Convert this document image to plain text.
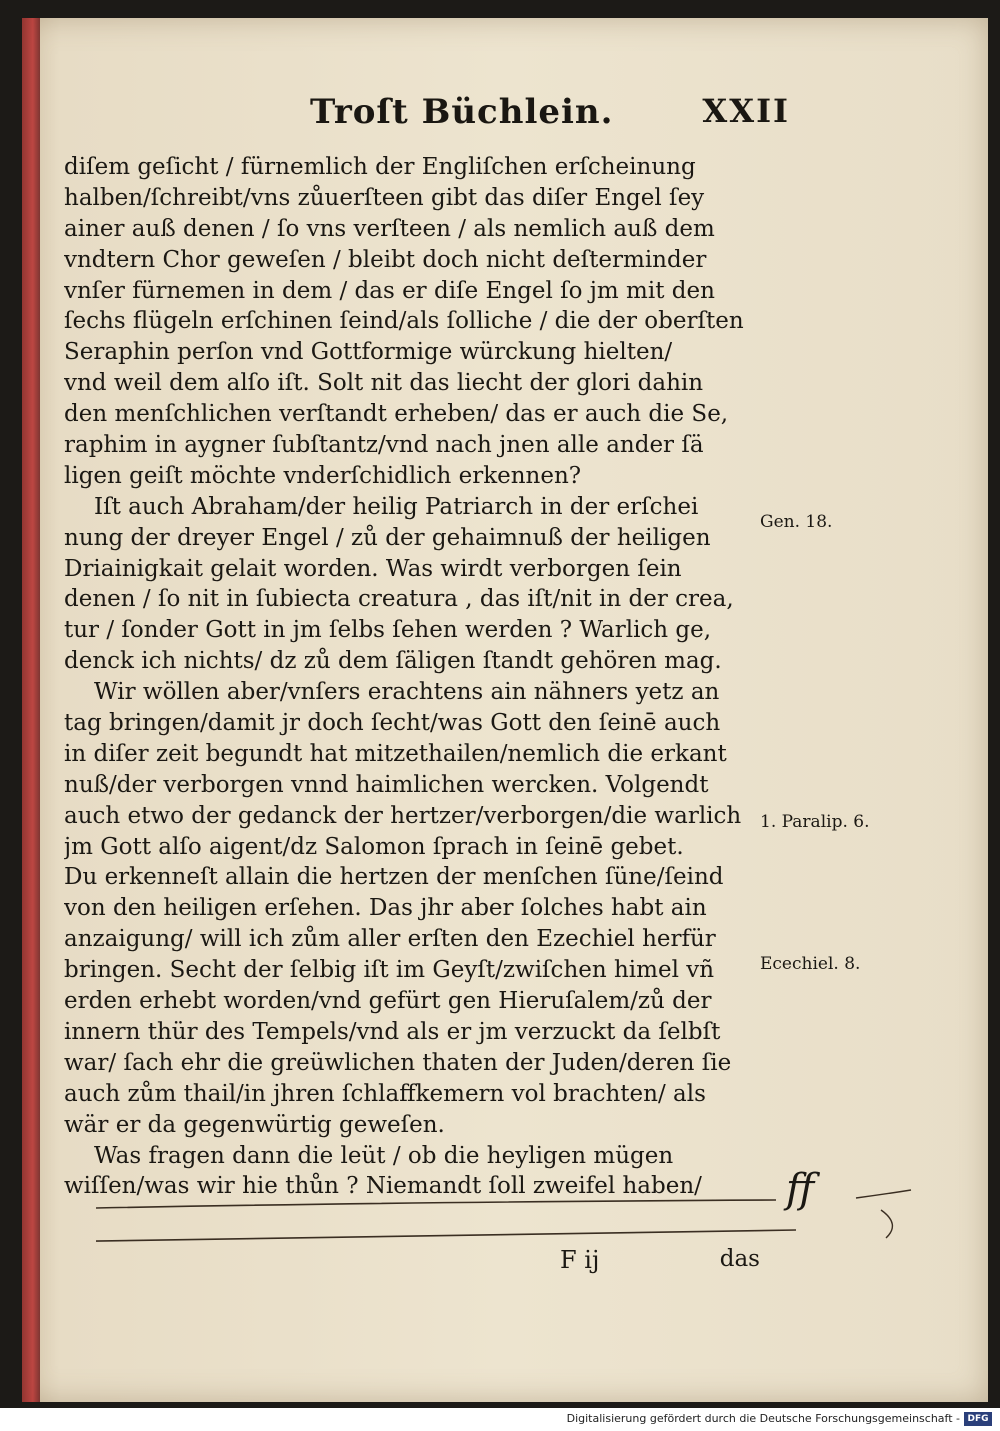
Troſt Büchlein.	XXII
diſem geſicht / fürnemlich der Engliſchen erſcheinung
halben/ſchreibt/vns zůuerſteen gibt das diſer Engel ſey
ainer auß denen / ſo vns verſteen / als nemlich auß dem
vndtern Chor geweſen / bleibt doch nicht deſterminder
vnſer fürnemen in dem / das er diſe Engel ſo jm mit den
ſechs flügeln erſchinen ſeind/als ſolliche / die der oberſten
Seraphin perſon vnd Gottformige würckung hielten/
vnd weil dem alſo iſt. Solt nit das liecht der glori dahin
den menſchlichen verſtandt erheben/ das er auch die Se,
raphim in aygner ſubſtantz/vnd nach jnen alle ander ſä
ligen geiſt möchte vnderſchidlich erkennen?
Iſt auch Abraham/der heilig Patriarch in der erſchei
nung der dreyer Engel / zů der gehaimnuß der heiligen
Driainigkait gelait worden. Was wirdt verborgen ſein
denen / ſo nit in ſubiecta creatura , das iſt/nit in der crea,
tur / ſonder Gott in jm ſelbs ſehen werden ? Warlich ge,
denck ich nichts/ dz zů dem ſäligen ſtandt gehören mag.
Wir wöllen aber/vnſers erachtens ain nähners yetz an
tag bringen/damit jr doch ſecht/was Gott den ſeinē auch
in diſer zeit begundt hat mitzethailen/nemlich die erkant
nuß/der verborgen vnnd haimlichen wercken. Volgendt
auch etwo der gedanck der hertzer/verborgen/die warlich
jm Gott alſo aigent/dz Salomon ſprach in ſeinē gebet.
Du erkenneſt allain die hertzen der menſchen ſüne/ſeind
von den heiligen erſehen. Das jhr aber ſolches habt ain
anzaigung/ will ich zům aller erſten den Ezechiel herfür
bringen. Secht der ſelbig iſt im Geyſt/zwiſchen himel vñ
erden erhebt worden/vnd gefürt gen Hieruſalem/zů der
innern thür des Tempels/vnd als er jm verzuckt da ſelbſt
war/ ſach ehr die greüwlichen thaten der Juden/deren ſie
auch zům thail/in jhren ſchlaffkemern vol brachten/ als
wär er da gegenwürtig geweſen.
Was fragen dann die leüt / ob die heyligen mügen
wiſſen/was wir hie thůn ? Niemandt ſoll zweifel haben/
Gen. 18.
1. Paralip. 6.
Ecechiel. 8.
ff
F ij	das
Digitalisierung gefördert durch die Deutsche Forschungsgemeinschaft - DFG
